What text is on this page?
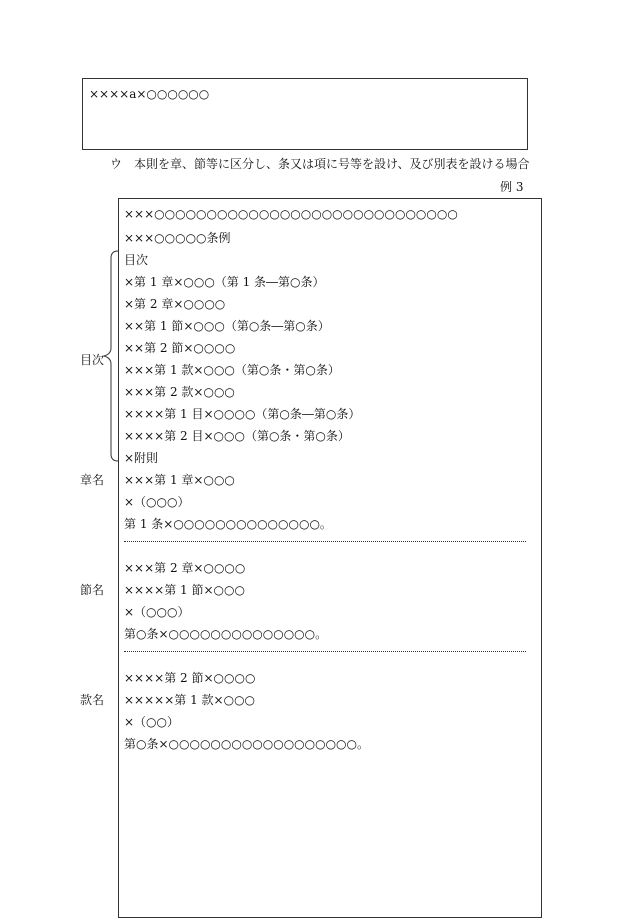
××××a×○○○○○○
ウ　本則を章、節等に区分し、条又は項に号等を設け、及び別表を設ける場合
例 3
×××○○○○○○○○○○○○○○○○○○○○○○○○○○○○○
×××○○○○○条例
目次
×第 1 章×○○○（第 1 条―第○条）
×第 2 章×○○○○
××第 1 節×○○○（第○条―第○条）
××第 2 節×○○○○
×××第 1 款×○○○（第○条・第○条）
×××第 2 款×○○○
××××第 1 目×○○○○（第○条―第○条）
××××第 2 目×○○○（第○条・第○条）
×附則
×××第 1 章×○○○
×（○○○）
第 1 条×○○○○○○○○○○○○○○。
×××第 2 章×○○○○
××××第 1 節×○○○
×（○○○）
第○条×○○○○○○○○○○○○○○。
××××第 2 節×○○○○
×××××第 1 款×○○○
×（○○）
第○条×○○○○○○○○○○○○○○○○○○。
目次
章名
節名
款名
